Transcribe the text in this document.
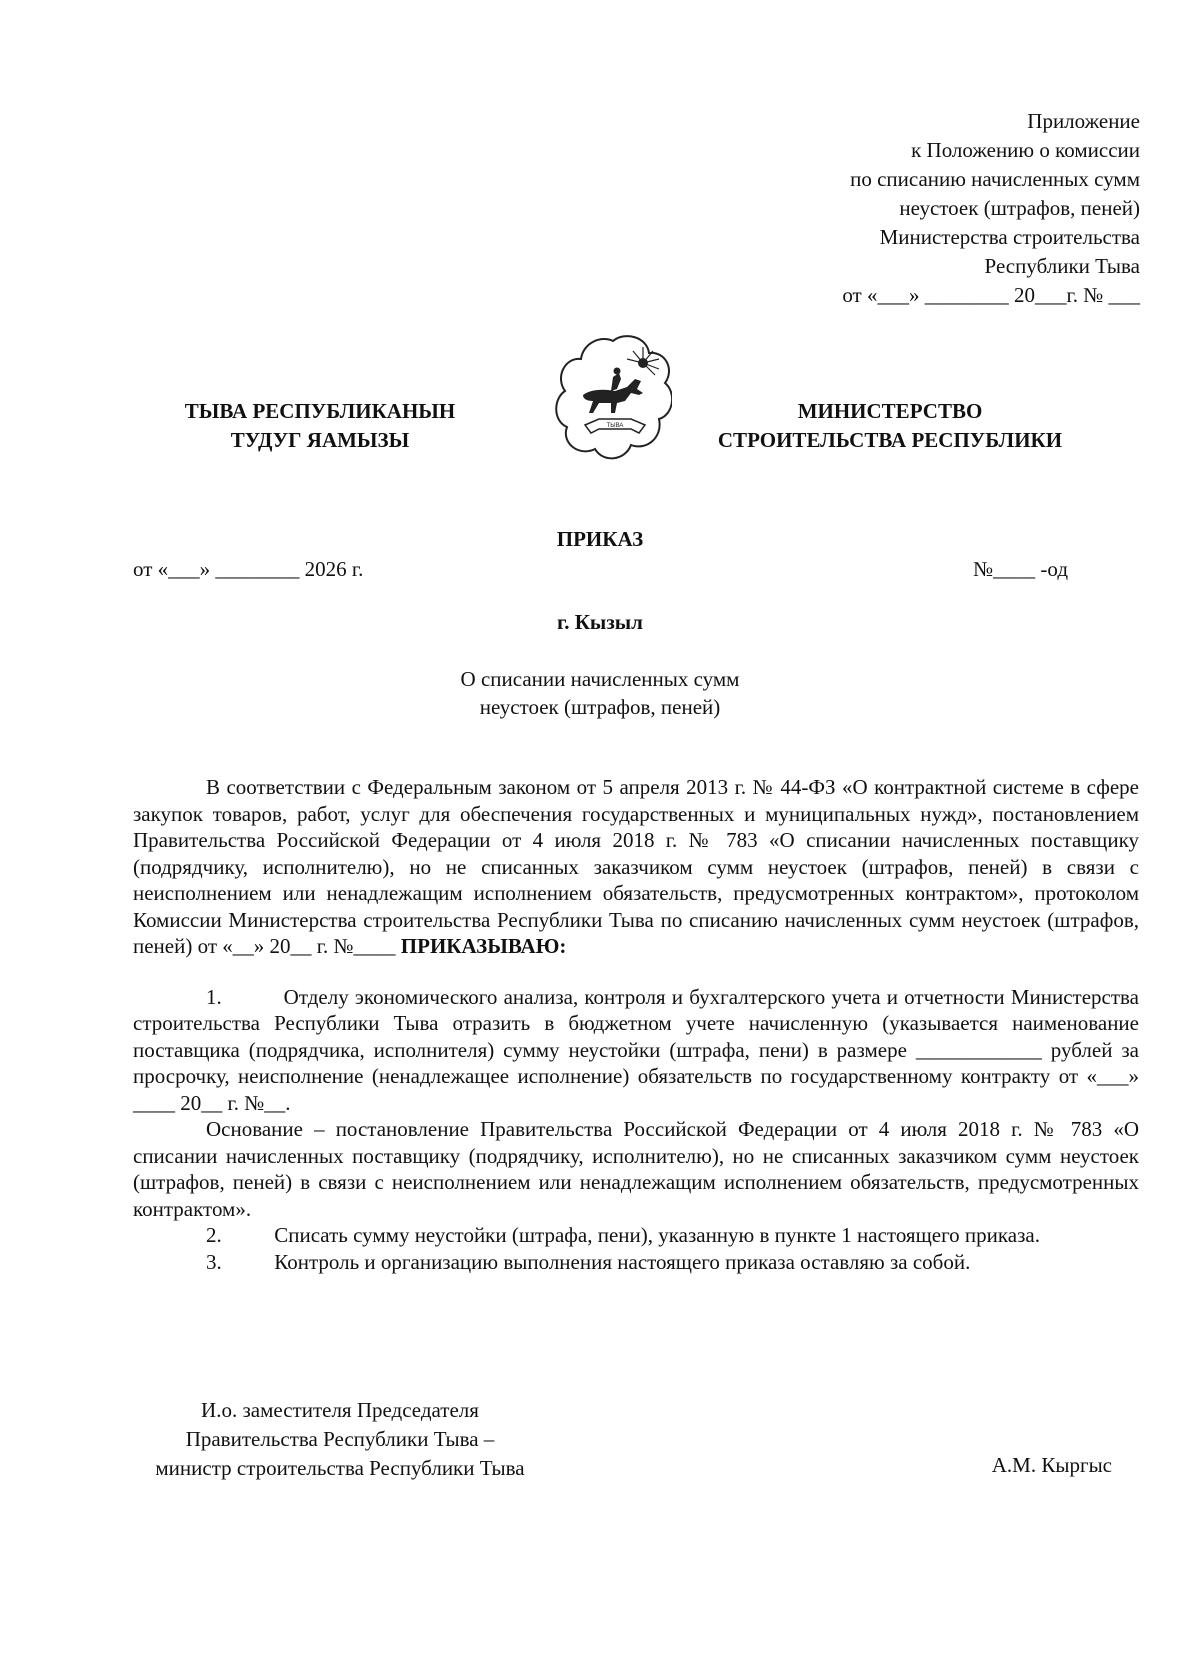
Приложение
к Положению о комиссии
по списанию начисленных сумм
неустоек (штрафов, пеней)
Министерства строительства
Республики Тыва
от «___» ________ 20___г. № ___
ТЫВА РЕСПУБЛИКАНЫН
ТУДУГ ЯАМЫЗЫ
ТЫВА
МИНИСТЕРСТВО
СТРОИТЕЛЬСТВА РЕСПУБЛИКИ
ПРИКАЗ
от «___» ________ 2026 г.	№____ -од
г. Кызыл
О списании начисленных сумм
неустоек (штрафов, пеней)

В соответствии с Федеральным законом от 5 апреля 2013 г. № 44-ФЗ «О контрактной системе в сфере закупок товаров, работ, услуг для обеспечения государственных и муниципальных нужд», постановлением Правительства Российской Федерации от 4 июля 2018 г. № 783 «О списании начисленных поставщику (подрядчику, исполнителю), но не списанных заказчиком сумм неустоек (штрафов, пеней) в связи с неисполнением или ненадлежащим исполнением обязательств, предусмотренных контрактом», протоколом Комиссии Министерства строительства Республики Тыва по списанию начисленных сумм неустоек (штрафов, пеней) от «__» 20__ г. №____ ПРИКАЗЫВАЮ:

1.	Отделу экономического анализа, контроля и бухгалтерского учета и отчетности Министерства строительства Республики Тыва отразить в бюджетном учете начисленную (указывается наименование поставщика (подрядчика, исполнителя) сумму неустойки (штрафа, пени) в размере ____________ рублей за просрочку, неисполнение (ненадлежащее исполнение) обязательств по государственному контракту от «___» ____ 20__ г. №__.

Основание – постановление Правительства Российской Федерации от 4 июля 2018 г. № 783 «О списании начисленных поставщику (подрядчику, исполнителю), но не списанных заказчиком сумм неустоек (штрафов, пеней) в связи с неисполнением или ненадлежащим исполнением обязательств, предусмотренных контрактом».

2.	Списать сумму неустойки (штрафа, пени), указанную в пункте 1 настоящего приказа.

3.	Контроль и организацию выполнения настоящего приказа оставляю за собой.

И.о. заместителя Председателя
Правительства Республики Тыва –
министр строительства Республики Тыва	А.М. Кыргыс
